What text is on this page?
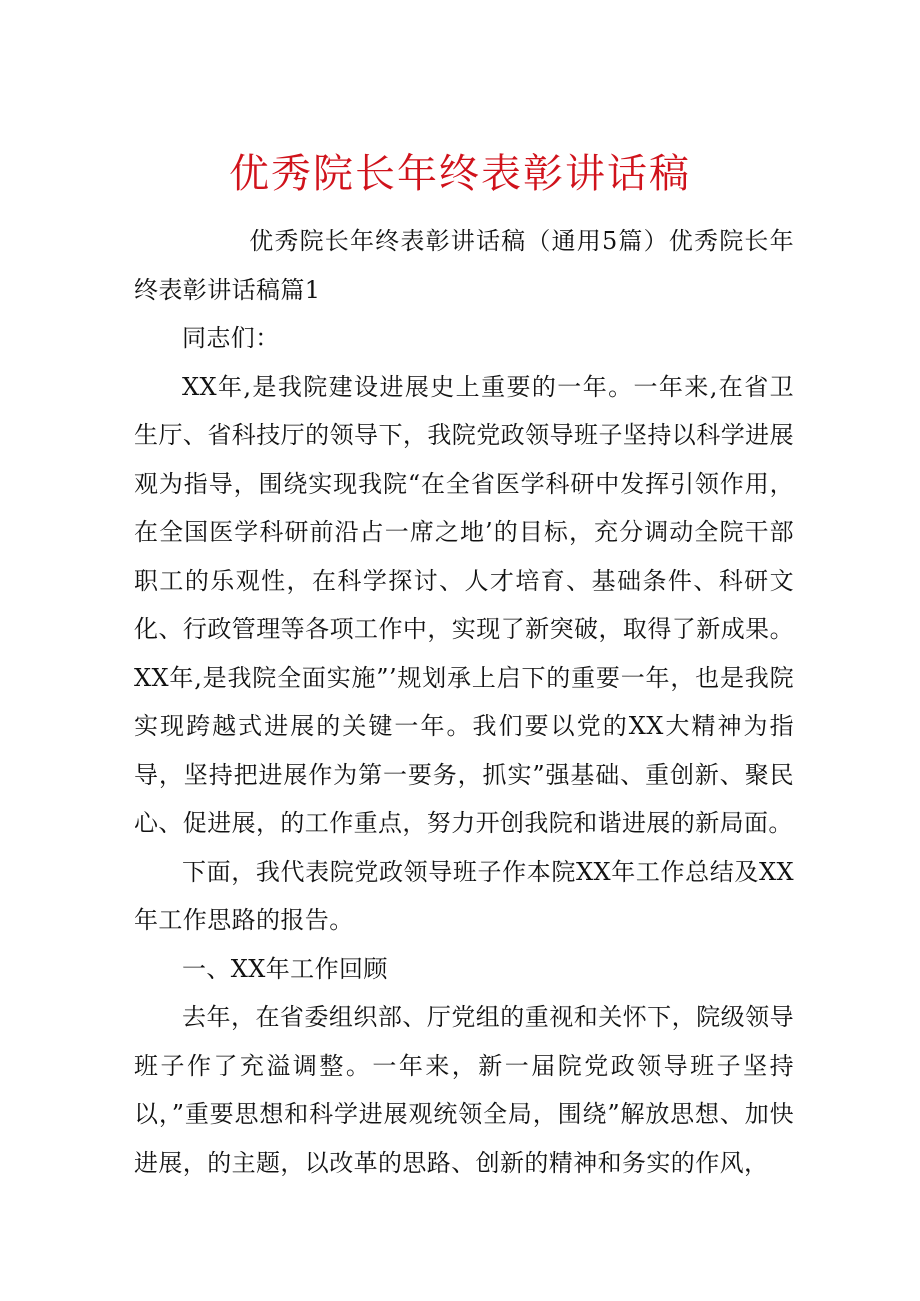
优秀院长年终表彰讲话稿

优秀院长年终表彰讲话稿（通用5篇）优秀院长年终表彰讲话稿篇1

同志们：

XX年,是我院建设进展史上重要的一年。一年来,在省卫生厅、省科技厅的领导下，我院党政领导班子坚持以科学进展观为指导，围绕实现我院“在全省医学科研中发挥引领作用，在全国医学科研前沿占一席之地’的目标，充分调动全院干部职工的乐观性，在科学探讨、人才培育、基础条件、科研文化、行政管理等各项工作中，实现了新突破，取得了新成果。XX年,是我院全面实施”’规划承上启下的重要一年，也是我院实现跨越式进展的关键一年。我们要以党的XX大精神为指导，坚持把进展作为第一要务，抓实”强基础、重创新、聚民心、促进展，的工作重点，努力开创我院和谐进展的新局面。

下面，我代表院党政领导班子作本院XX年工作总结及XX年工作思路的报告。

一、XX年工作回顾

去年，在省委组织部、厅党组的重视和关怀下，院级领导班子作了充溢调整。一年来，新一届院党政领导班子坚持以，”重要思想和科学进展观统领全局，围绕”解放思想、加快进展，的主题，以改革的思路、创新的精神和务实的作风，
